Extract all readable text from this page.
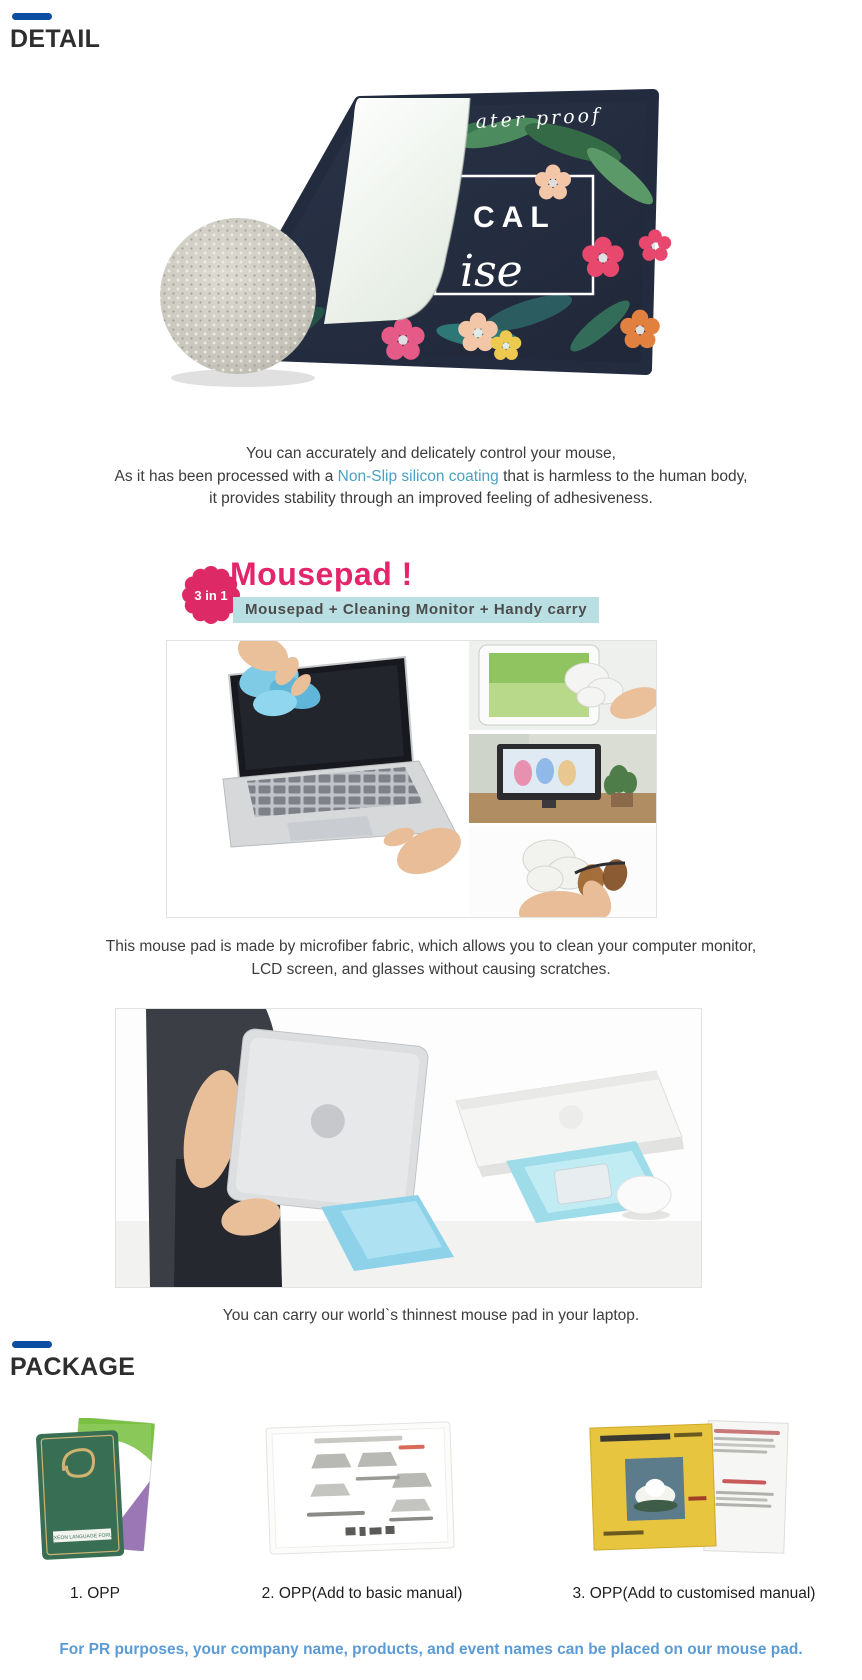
DETAIL
CAL
ise
ater proof
You can accurately and delicately control your mouse,
As it has been processed with a Non-Slip silicon coating that is harmless to the human body,
it provides stability through an improved feeling of adhesiveness.
3 in 1
Mousepad !
Mousepad + Cleaning Monitor + Handy carry
This mouse pad is made by microfiber fabric, which allows you to clean your computer monitor,
LCD screen, and glasses without causing scratches.
You can carry our world`s thinnest mouse pad in your laptop.
PACKAGE
LEXEON LANGUAGE FORUM
1. OPP	2. OPP(Add to basic manual)	3. OPP(Add to customised manual)
For PR purposes, your company name, products, and event names can be placed on our mouse pad.
